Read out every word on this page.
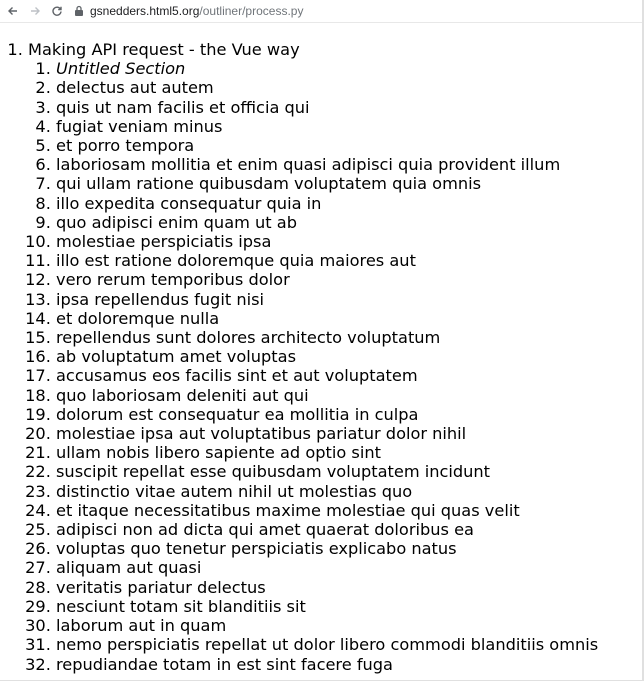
gsnedders.html5.org /outliner/process.py
1. Making API request - the Vue way
1. Untitled Section
2. delectus aut autem
3. quis ut nam facilis et officia qui
4. fugiat veniam minus
5. et porro tempora
6. laboriosam mollitia et enim quasi adipisci quia provident illum
7. qui ullam ratione quibusdam voluptatem quia omnis
8. illo expedita consequatur quia in
9. quo adipisci enim quam ut ab
10. molestiae perspiciatis ipsa
11. illo est ratione doloremque quia maiores aut
12. vero rerum temporibus dolor
13. ipsa repellendus fugit nisi
14. et doloremque nulla
15. repellendus sunt dolores architecto voluptatum
16. ab voluptatum amet voluptas
17. accusamus eos facilis sint et aut voluptatem
18. quo laboriosam deleniti aut qui
19. dolorum est consequatur ea mollitia in culpa
20. molestiae ipsa aut voluptatibus pariatur dolor nihil
21. ullam nobis libero sapiente ad optio sint
22. suscipit repellat esse quibusdam voluptatem incidunt
23. distinctio vitae autem nihil ut molestias quo
24. et itaque necessitatibus maxime molestiae qui quas velit
25. adipisci non ad dicta qui amet quaerat doloribus ea
26. voluptas quo tenetur perspiciatis explicabo natus
27. aliquam aut quasi
28. veritatis pariatur delectus
29. nesciunt totam sit blanditiis sit
30. laborum aut in quam
31. nemo perspiciatis repellat ut dolor libero commodi blanditiis omnis
32. repudiandae totam in est sint facere fuga
